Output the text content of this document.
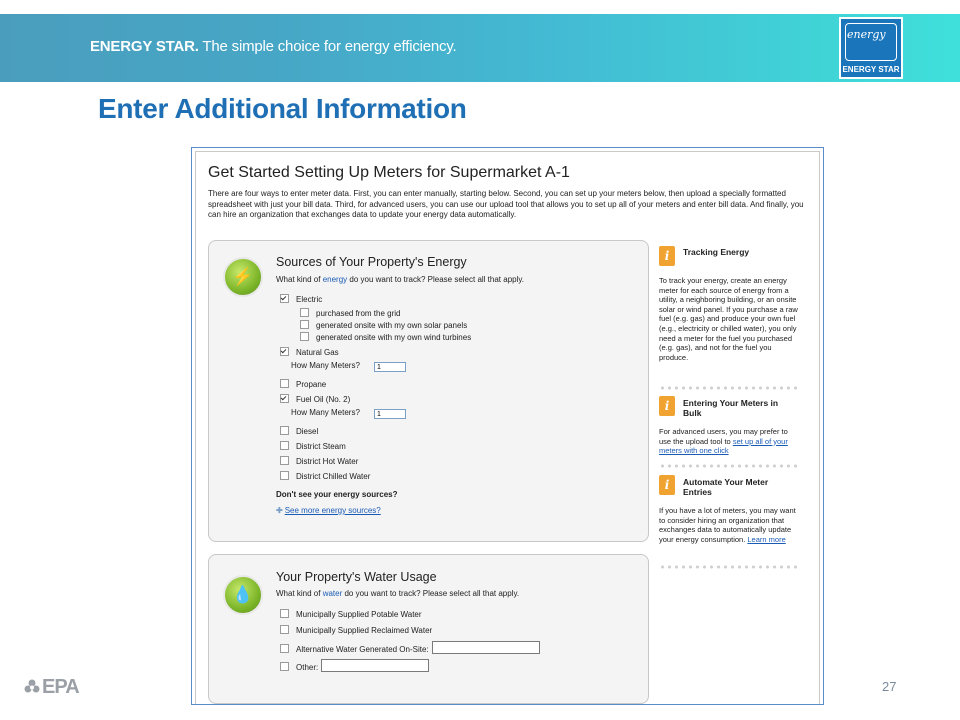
ENERGY STAR. The simple choice for energy efficiency.
energy
ENERGY STAR
Enter Additional Information
Get Started Setting Up Meters for Supermarket A-1
There are four ways to enter meter data. First, you can enter manually, starting below. Second, you can set up your meters below, then upload a specially formatted spreadsheet with just your bill data. Third, for advanced users, you can use our upload tool that allows you to set up all of your meters and enter bill data. And finally, you can hire an organization that exchanges data to update your energy data automatically.
⚡
Sources of Your Property's Energy
What kind of energy do you want to track? Please select all that apply.
Electric
purchased from the grid
generated onsite with my own solar panels
generated onsite with my own wind turbines
Natural Gas
How Many Meters?	1
Propane
Fuel Oil (No. 2)
How Many Meters?	1
Diesel
District Steam
District Hot Water
District Chilled Water
Don't see your energy sources?
✚ See more energy sources?
💧
Your Property's Water Usage
What kind of water do you want to track? Please select all that apply.
Municipally Supplied Potable Water
Municipally Supplied Reclaimed Water
Alternative Water Generated On-Site:
Other:
i	Tracking Energy
To track your energy, create an energy meter for each source of energy from a utility, a neighboring building, or an onsite solar or wind panel. If you purchase a raw fuel (e.g. gas) and produce your own fuel (e.g., electricity or chilled water), you only need a meter for the fuel you purchased (e.g. gas), and not for the fuel you produce.
i	Entering Your Meters in Bulk
For advanced users, you may prefer to use the upload tool to set up all of your meters with one click
i	Automate Your Meter Entries
If you have a lot of meters, you may want to consider hiring an organization that exchanges data to automatically update your energy consumption. Learn more
EPA	27
